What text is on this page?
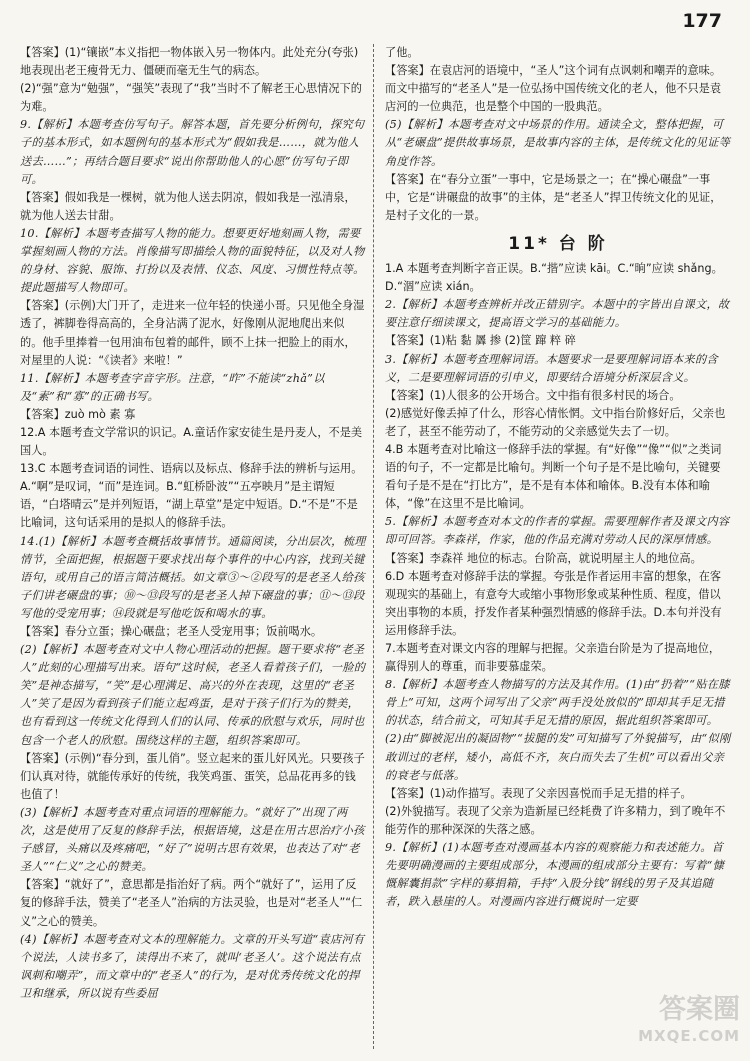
177

【答案】(1)“镶嵌”本义指把一物体嵌入另一物体内。此处充分(夸张)地表现出老王瘦骨无力、僵硬而毫无生气的病态。

(2)“强”意为“勉强”，“强笑”表现了“我”当时不了解老王心思情况下的为难。

9.【解析】本题考查仿写句子。解答本题，首先要分析例句，探究句子的基本形式，如本题例句的基本形式为“假如我是……，就为他人送去……”；再结合题目要求“说出你帮助他人的心愿”仿写句子即可。

【答案】假如我是一棵树，就为他人送去阴凉，假如我是一泓清泉，就为他人送去甘甜。

10.【解析】本题考查描写人物的能力。想要更好地刻画人物，需要掌握刻画人物的方法。肖像描写即描绘人物的面貌特征，以及对人物的身材、容貌、服饰、打扮以及表情、仪态、风度、习惯性特点等。提此题描写人物即可。

【答案】(示例)大门开了，走进来一位年轻的快递小哥。只见他全身湿透了，裤脚卷得高高的，全身沾满了泥水，好像刚从泥地爬出来似的。他手里捧着一包用油布包着的邮件，顾不上抹一把脸上的雨水，对屋里的人说：“《读者》来啦！”

11.【解析】本题考查字音字形。注意，“昨”不能读“zhǎ”以及“素”和“寡”的正确书写。

【答案】zuò mò 素 寡

12.A 本题考查文学常识的识记。A.童话作家安徒生是丹麦人，不是美国人。

13.C 本题考查词语的词性、语病以及标点、修辞手法的辨析与运用。A.“啊”是叹词，“而”是连词。B.“虹桥卧波”“五亭映月”是主谓短语，“白塔晴云”是并列短语，“湖上草堂”是定中短语。D.“不是”不是比喻词，这句话采用的是拟人的修辞手法。

14.(1)【解析】本题考查概括故事情节。通篇阅读，分出层次，梳理情节，全面把握，根据题干要求找出每个事件的中心内容，找到关键语句，或用自己的语言简洁概括。如文章③～②段写的是老圣人给孩子们讲老碾盘的事；⑩～⑬段写的是老圣人掉下碾盘的事；⑪～⑬段写他的受宠用事；⑭段就是写他吃饭和喝水的事。

【答案】春分立蛋；操心碾盘；老圣人受宠用事；饭前喝水。

(2)【解析】本题考查对文中人物心理活动的把握。题干要求将“老圣人”此刻的心理描写出来。语句“这时候，老圣人看着孩子们，一脸的笑”是神态描写，“笑”是心理满足、高兴的外在表现，这里的“老圣人”笑了是因为看到孩子们能立起鸡蛋，是对于孩子们行为的赞美，也有看到这一传统文化得到人们的认同、传承的欣慰与欢乐，同时也包含一个老人的欣慰。围绕这样的主题，组织答案即可。

【答案】(示例)“春分到，蛋儿俏”。竖立起来的蛋儿好风光。只要孩子们认真对待，就能传承好的传统，我笑鸡蛋、蛋笑，总品花再多的钱也值了！

(3)【解析】本题考查对重点词语的理解能力。“就好了”出现了两次，这是使用了反复的修辞手法，根据语境，这是在用古思治疗小孩子感冒，头痛以及疼痛吧，“好了”说明古思有效果，也表达了对“老圣人”“仁义”之心的赞美。

【答案】“就好了”，意思都是指治好了病。两个“就好了”，运用了反复的修辞手法，赞美了“老圣人”治病的方法灵验，也是对“老圣人”“仁义”之心的赞美。

(4)【解析】本题考查对文本的理解能力。文章的开头写道“袁店河有个说法，人读书多了，读得出不来了，就叫‘老圣人’。这个说法有点讽刺和嘲弄”，而文章中的“老圣人”的行为，是对优秀传统文化的捍卫和继承，所以说有些委屈

了他。

【答案】在袁店河的语境中，“圣人”这个词有点讽刺和嘲弄的意味。而文中描写的“老圣人”是一位弘扬中国传统文化的老人，他不只是袁店河的一位典范，也是整个中国的一股典范。

(5)【解析】本题考查对文中场景的作用。通读全文，整体把握，可从“老碾盘”提供故事场景，是故事内容的主体，是传统文化的见证等角度作答。

【答案】在“春分立蛋”一事中，它是场景之一；在“操心碾盘”一事中，它是“讲碾盘的故事”的主体，是“老圣人”捍卫传统文化的见证，是村子文化的一景。

11* 台 阶

1.A 本题考查判断字音正误。B.“揩”应读 kāi。C.“晌”应读 shǎng。D.“涸”应读 xián。

2.【解析】本题考查辨析并改正错别字。本题中的字皆出自课文，故要注意仔细读课文，提高语文学习的基础能力。

【答案】(1)粘 黏 羼 掺 (2)筐 蹿 粹 碎

3.【解析】本题考查理解词语。本题要求一是要理解词语本来的含义，二是要理解词语的引申义，即要结合语境分析深层含义。

【答案】(1)人很多的公开场合。文中指有很多村民的场合。

(2)感觉好像丢掉了什么，形容心情怅惘。文中指台阶修好后，父亲也老了，甚至不能劳动了，不能劳动的父亲感觉失去了一切。

4.B 本题考查对比喻这一修辞手法的掌握。有“好像”“像”“似”之类词语的句子，不一定都是比喻句。判断一个句子是不是比喻句，关键要看句子是不是在“打比方”，是不是有本体和喻体。B.没有本体和喻体，“像”在这里不是比喻词。

5.【解析】本题考查对本文的作者的掌握。需要理解作者及课文内容即可回答。李森祥，作家，他的作品充满对劳动人民的深厚情感。

【答案】李森祥 地位的标志。台阶高，就说明屋主人的地位高。

6.D 本题考查对修辞手法的掌握。夸张是作者运用丰富的想象，在客观现实的基础上，有意夸大或缩小事物形象或某种性质、程度，借以突出事物的本质，抒发作者某种强烈情感的修辞手法。D.本句并没有运用修辞手法。

7.本题考查对课文内容的理解与把握。父亲造台阶是为了提高地位，赢得别人的尊重，而非要慕虚荣。

8.【解析】本题考查人物描写的方法及其作用。(1)由“扔着”“贴在膝骨上”可知，这两个词写出了父亲“两手没处放似的”即却其手足无措的状态，结合前文，可知其手足无措的原因，据此组织答案即可。(2)由“脚被泥出的凝固物”“拔腿的发”可知描写了外貌描写，由“似刚敢训过的老样，矮小，高低不齐，灰白而失去了生机”可以看出父亲的衰老与低落。

【答案】(1)动作描写。表现了父亲因喜悦而手足无措的样子。

(2)外貌描写。表现了父亲为造新屋已经耗费了许多精力，到了晚年不能劳作的那种深深的失落之感。

9.【解析】(1)本题考查对漫画基本内容的观察能力和表述能力。首先要明确漫画的主要组成部分，本漫画的组成部分主要有：写着“慷慨解囊捐款”字样的募捐箱，手持“入股分钱”钢线的男子及其追随者，跌入悬崖的人。对漫画内容进行概说时一定要

答案圈
MXQE.COM
